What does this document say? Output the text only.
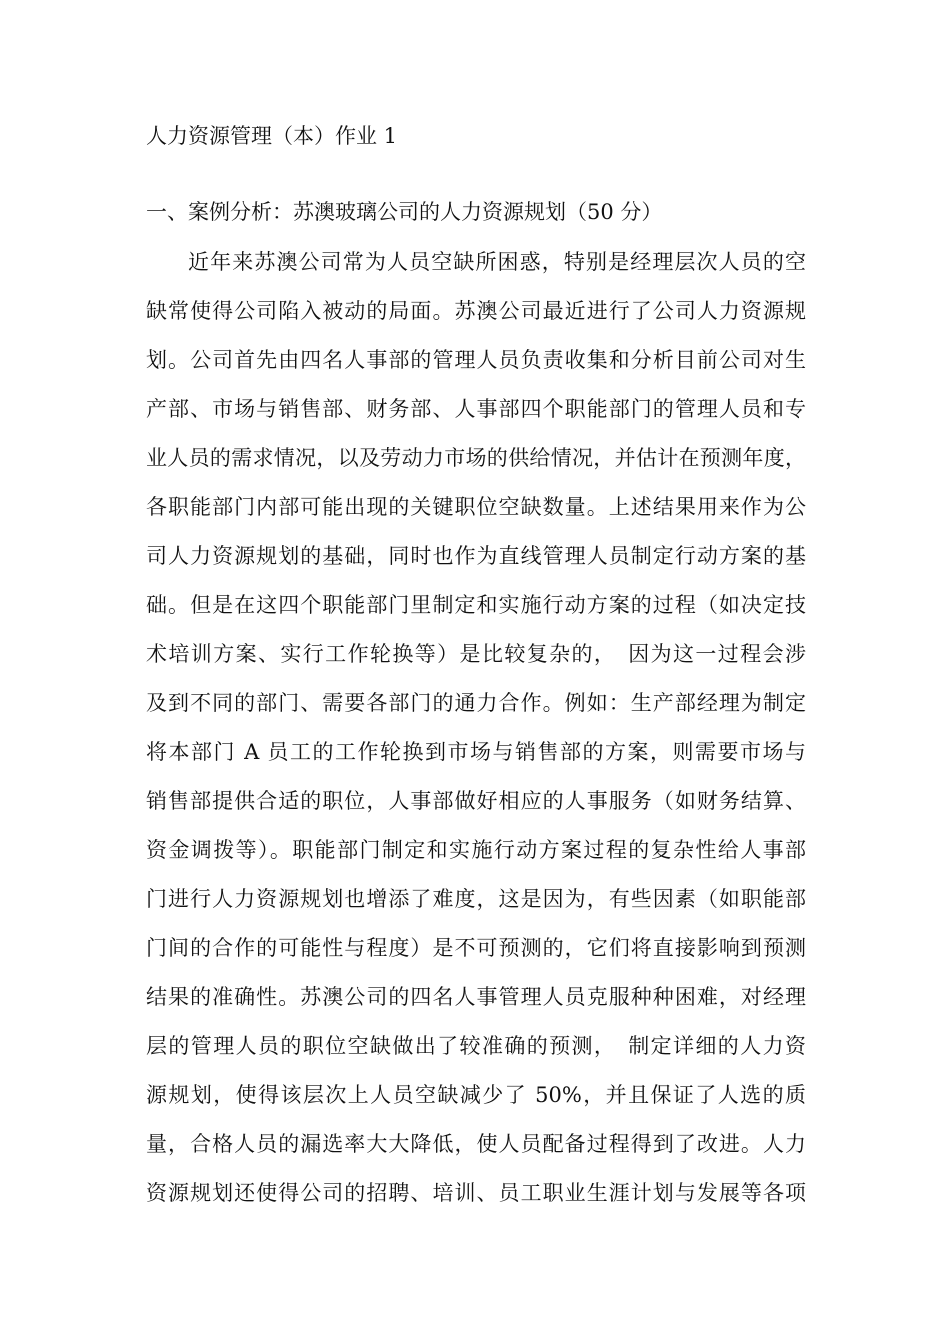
人力资源管理（本）作业 1
一、案例分析：苏澳玻璃公司的人力资源规划（50 分）
近年来苏澳公司常为人员空缺所困惑，特别是经理层次人员的空
缺常使得公司陷入被动的局面。苏澳公司最近进行了公司人力资源规
划。公司首先由四名人事部的管理人员负责收集和分析目前公司对生
产部、市场与销售部、财务部、人事部四个职能部门的管理人员和专
业人员的需求情况，以及劳动力市场的供给情况，并估计在预测年度，
各职能部门内部可能出现的关键职位空缺数量。上述结果用来作为公
司人力资源规划的基础，同时也作为直线管理人员制定行动方案的基
础。但是在这四个职能部门里制定和实施行动方案的过程（如决定技
术培训方案、实行工作轮换等）是比较复杂的，　因为这一过程会涉
及到不同的部门、需要各部门的通力合作。例如：生产部经理为制定
将本部门 A 员工的工作轮换到市场与销售部的方案，则需要市场与
销售部提供合适的职位，人事部做好相应的人事服务（如财务结算、
资金调拨等）。职能部门制定和实施行动方案过程的复杂性给人事部
门进行人力资源规划也增添了难度，这是因为，有些因素（如职能部
门间的合作的可能性与程度）是不可预测的，它们将直接影响到预测
结果的准确性。苏澳公司的四名人事管理人员克服种种困难，对经理
层的管理人员的职位空缺做出了较准确的预测，　制定详细的人力资
源规划，使得该层次上人员空缺减少了 50%，并且保证了人选的质
量，合格人员的漏选率大大降低，使人员配备过程得到了改进。人力
资源规划还使得公司的招聘、培训、员工职业生涯计划与发展等各项
